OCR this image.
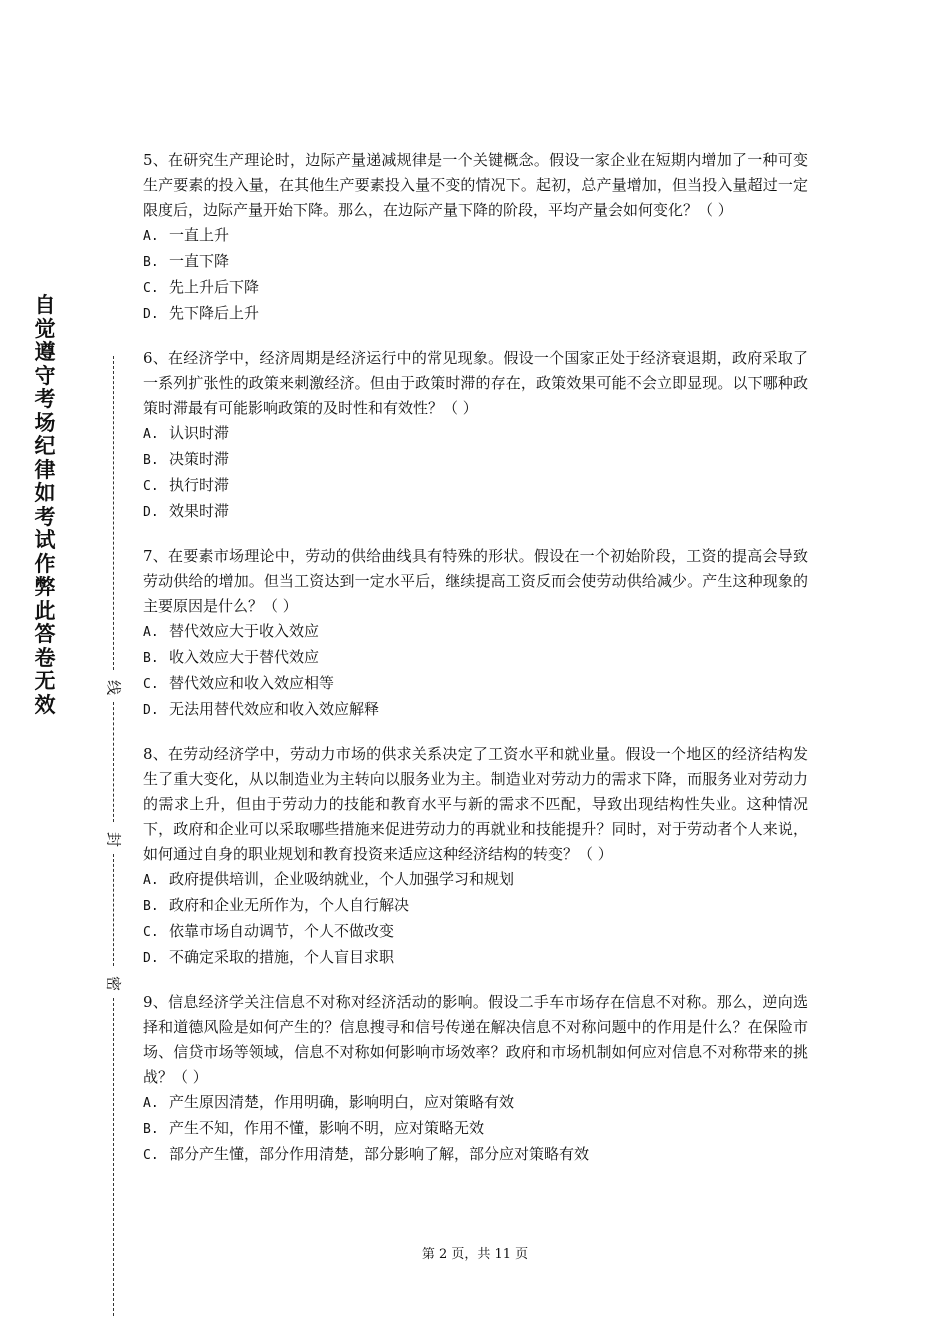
自觉遵守考场纪律如考试作弊此答卷无效
线
封
密

5、在研究生产理论时，边际产量递减规律是一个关键概念。假设一家企业在短期内增加了一种可变生产要素的投入量，在其他生产要素投入量不变的情况下。起初，总产量增加，但当投入量超过一定限度后，边际产量开始下降。那么，在边际产量下降的阶段，平均产量会如何变化？（ ）

A. 一直上升

B. 一直下降

C. 先上升后下降

D. 先下降后上升

6、在经济学中，经济周期是经济运行中的常见现象。假设一个国家正处于经济衰退期，政府采取了一系列扩张性的政策来刺激经济。但由于政策时滞的存在，政策效果可能不会立即显现。以下哪种政策时滞最有可能影响政策的及时性和有效性？（ ）

A. 认识时滞

B. 决策时滞

C. 执行时滞

D. 效果时滞

7、在要素市场理论中，劳动的供给曲线具有特殊的形状。假设在一个初始阶段，工资的提高会导致劳动供给的增加。但当工资达到一定水平后，继续提高工资反而会使劳动供给减少。产生这种现象的主要原因是什么？（ ）

A. 替代效应大于收入效应

B. 收入效应大于替代效应

C. 替代效应和收入效应相等

D. 无法用替代效应和收入效应解释

8、在劳动经济学中，劳动力市场的供求关系决定了工资水平和就业量。假设一个地区的经济结构发生了重大变化，从以制造业为主转向以服务业为主。制造业对劳动力的需求下降，而服务业对劳动力的需求上升，但由于劳动力的技能和教育水平与新的需求不匹配，导致出现结构性失业。这种情况下，政府和企业可以采取哪些措施来促进劳动力的再就业和技能提升？同时，对于劳动者个人来说，如何通过自身的职业规划和教育投资来适应这种经济结构的转变？（ ）

A. 政府提供培训，企业吸纳就业，个人加强学习和规划

B. 政府和企业无所作为，个人自行解决

C. 依靠市场自动调节，个人不做改变

D. 不确定采取的措施，个人盲目求职

9、信息经济学关注信息不对称对经济活动的影响。假设二手车市场存在信息不对称。那么，逆向选择和道德风险是如何产生的？信息搜寻和信号传递在解决信息不对称问题中的作用是什么？在保险市场、信贷市场等领域，信息不对称如何影响市场效率？政府和市场机制如何应对信息不对称带来的挑战？（ ）

A. 产生原因清楚，作用明确，影响明白，应对策略有效

B. 产生不知，作用不懂，影响不明，应对策略无效

C. 部分产生懂，部分作用清楚，部分影响了解，部分应对策略有效

第 2 页，共 11 页
